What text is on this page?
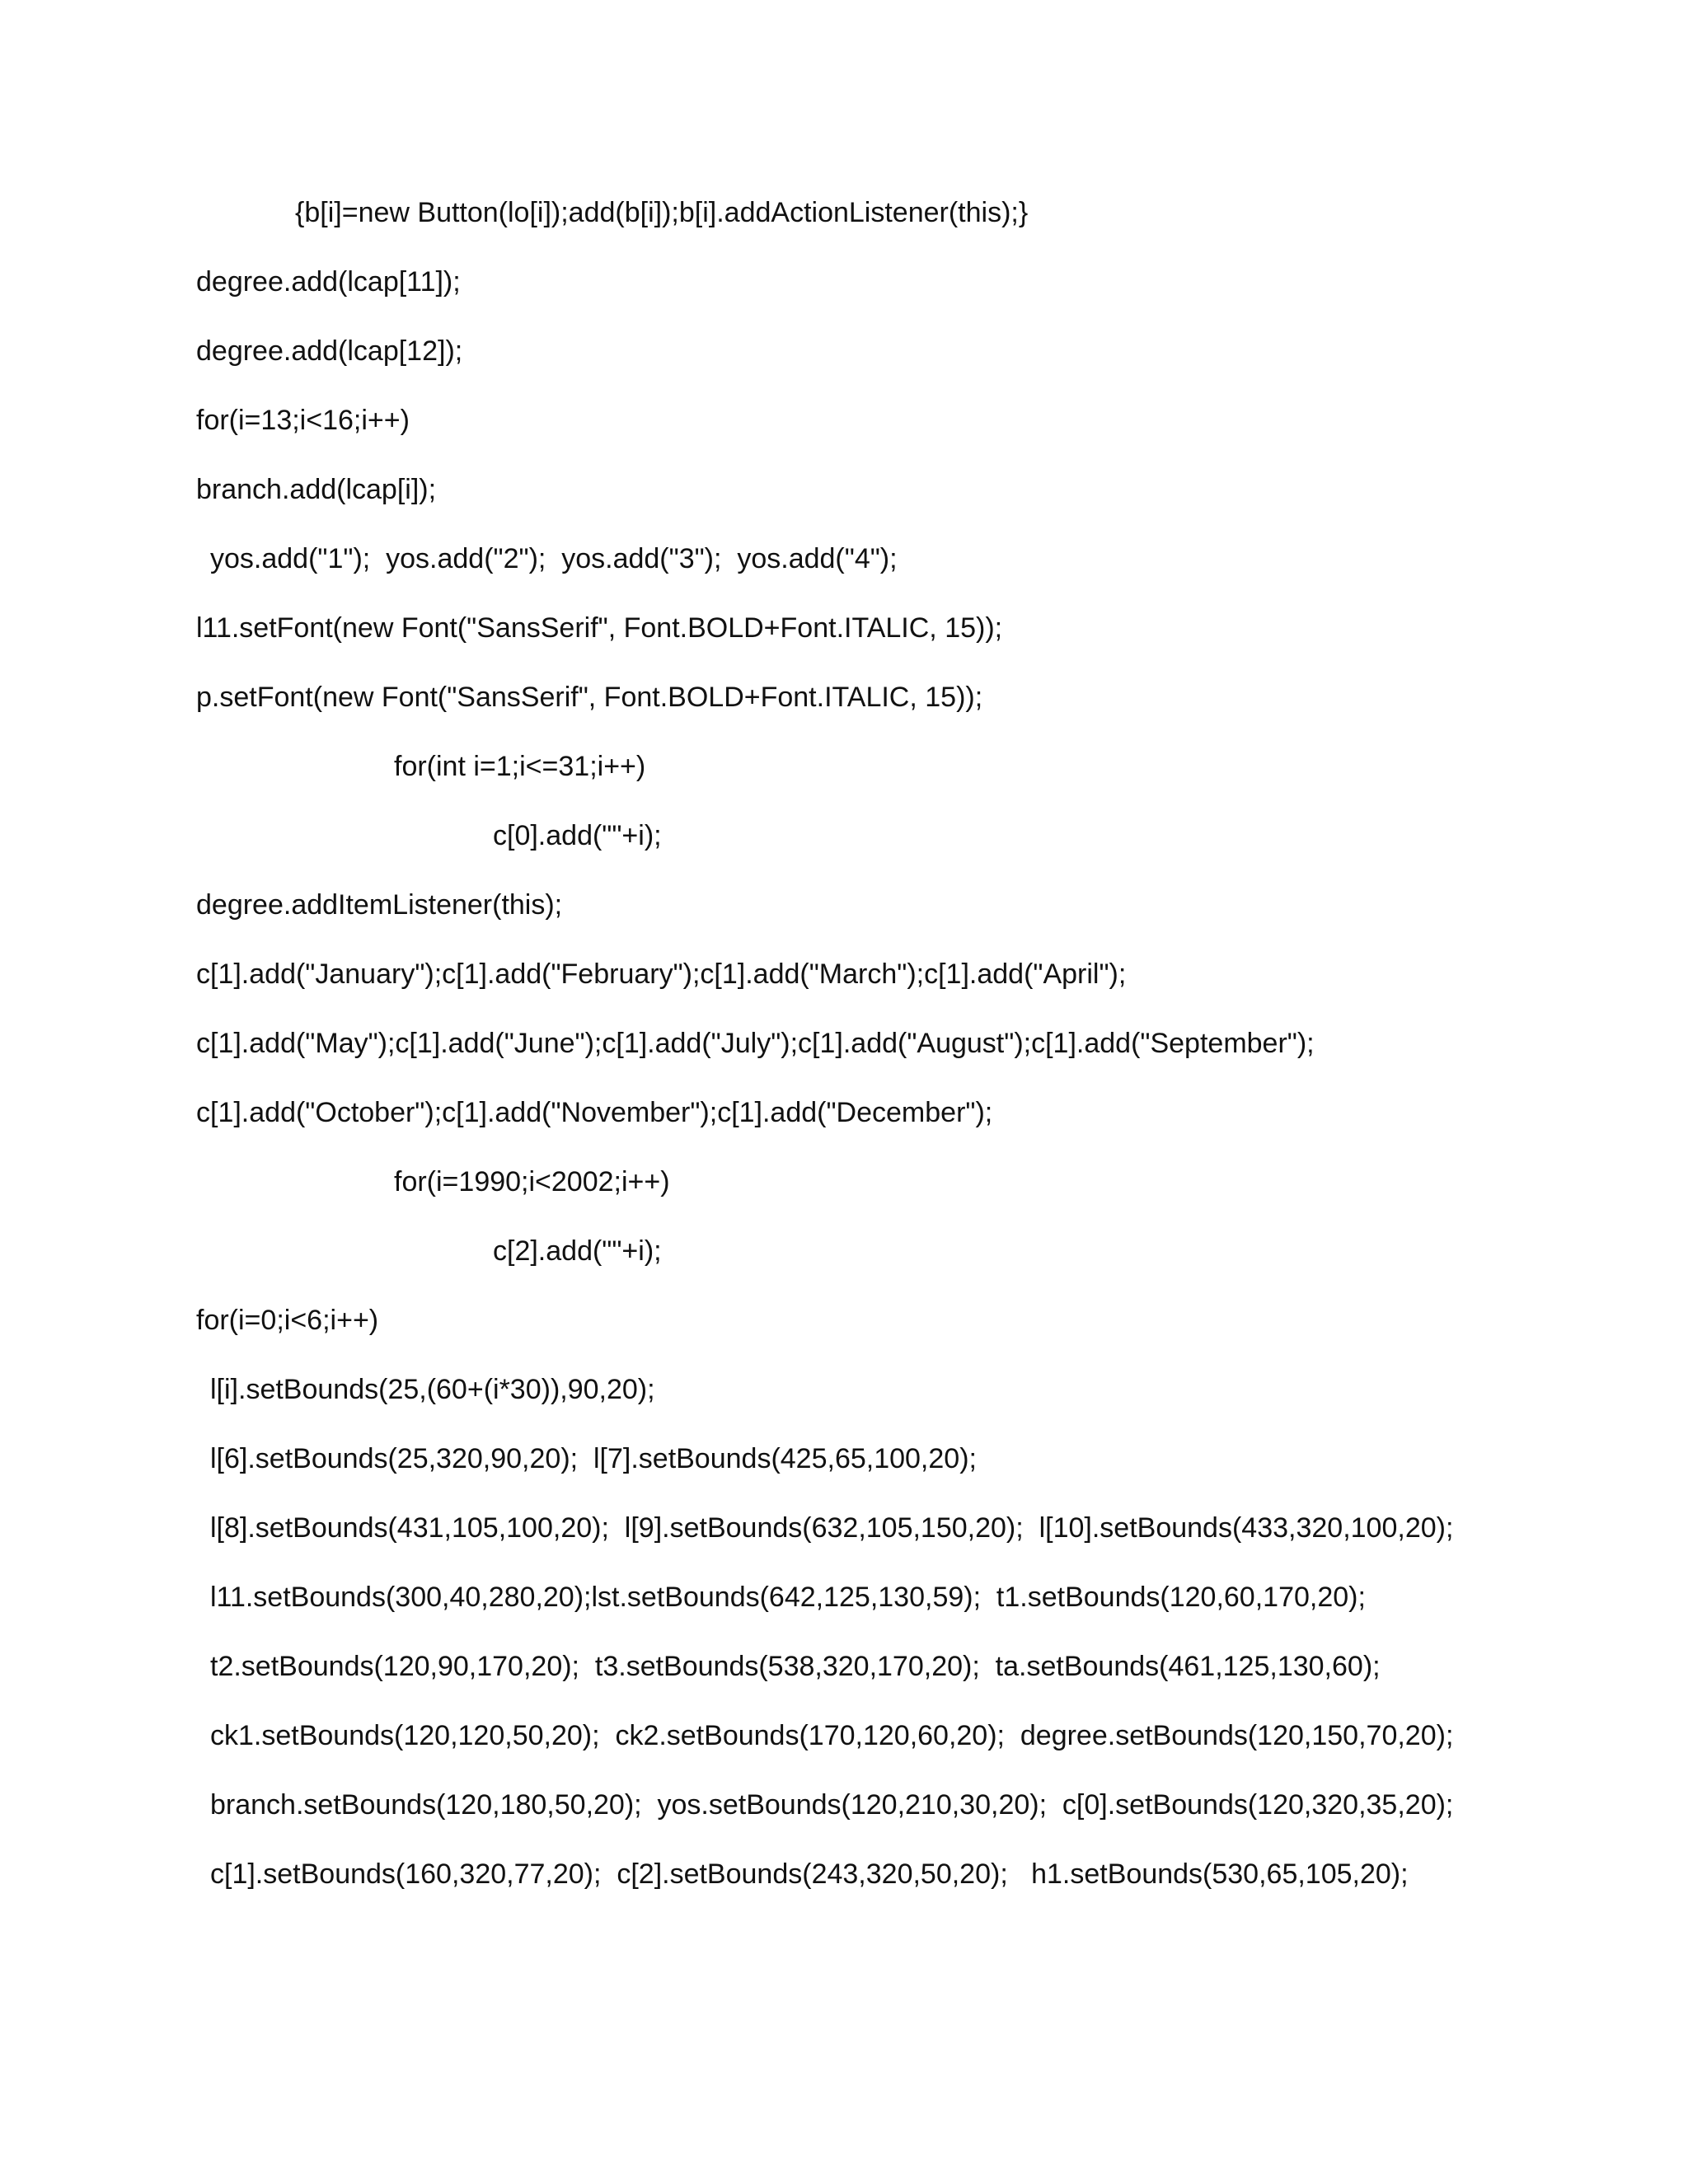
{b[i]=new Button(lo[i]);add(b[i]);b[i].addActionListener(this);}
degree.add(lcap[11]);
degree.add(lcap[12]);
for(i=13;i<16;i++)
branch.add(lcap[i]);
yos.add("1");  yos.add("2");  yos.add("3");  yos.add("4");
l11.setFont(new Font("SansSerif", Font.BOLD+Font.ITALIC, 15));
p.setFont(new Font("SansSerif", Font.BOLD+Font.ITALIC, 15));
for(int i=1;i<=31;i++)
c[0].add(""+i);
degree.addItemListener(this);
c[1].add("January");c[1].add("February");c[1].add("March");c[1].add("April");
c[1].add("May");c[1].add("June");c[1].add("July");c[1].add("August");c[1].add("September");
c[1].add("October");c[1].add("November");c[1].add("December");
for(i=1990;i<2002;i++)
c[2].add(""+i);
for(i=0;i<6;i++)
l[i].setBounds(25,(60+(i*30)),90,20);
l[6].setBounds(25,320,90,20);  l[7].setBounds(425,65,100,20);
l[8].setBounds(431,105,100,20);  l[9].setBounds(632,105,150,20);  l[10].setBounds(433,320,100,20);
l11.setBounds(300,40,280,20);lst.setBounds(642,125,130,59);  t1.setBounds(120,60,170,20);
t2.setBounds(120,90,170,20);  t3.setBounds(538,320,170,20);  ta.setBounds(461,125,130,60);
ck1.setBounds(120,120,50,20);  ck2.setBounds(170,120,60,20);  degree.setBounds(120,150,70,20);
branch.setBounds(120,180,50,20);  yos.setBounds(120,210,30,20);  c[0].setBounds(120,320,35,20);
c[1].setBounds(160,320,77,20);  c[2].setBounds(243,320,50,20);   h1.setBounds(530,65,105,20);
